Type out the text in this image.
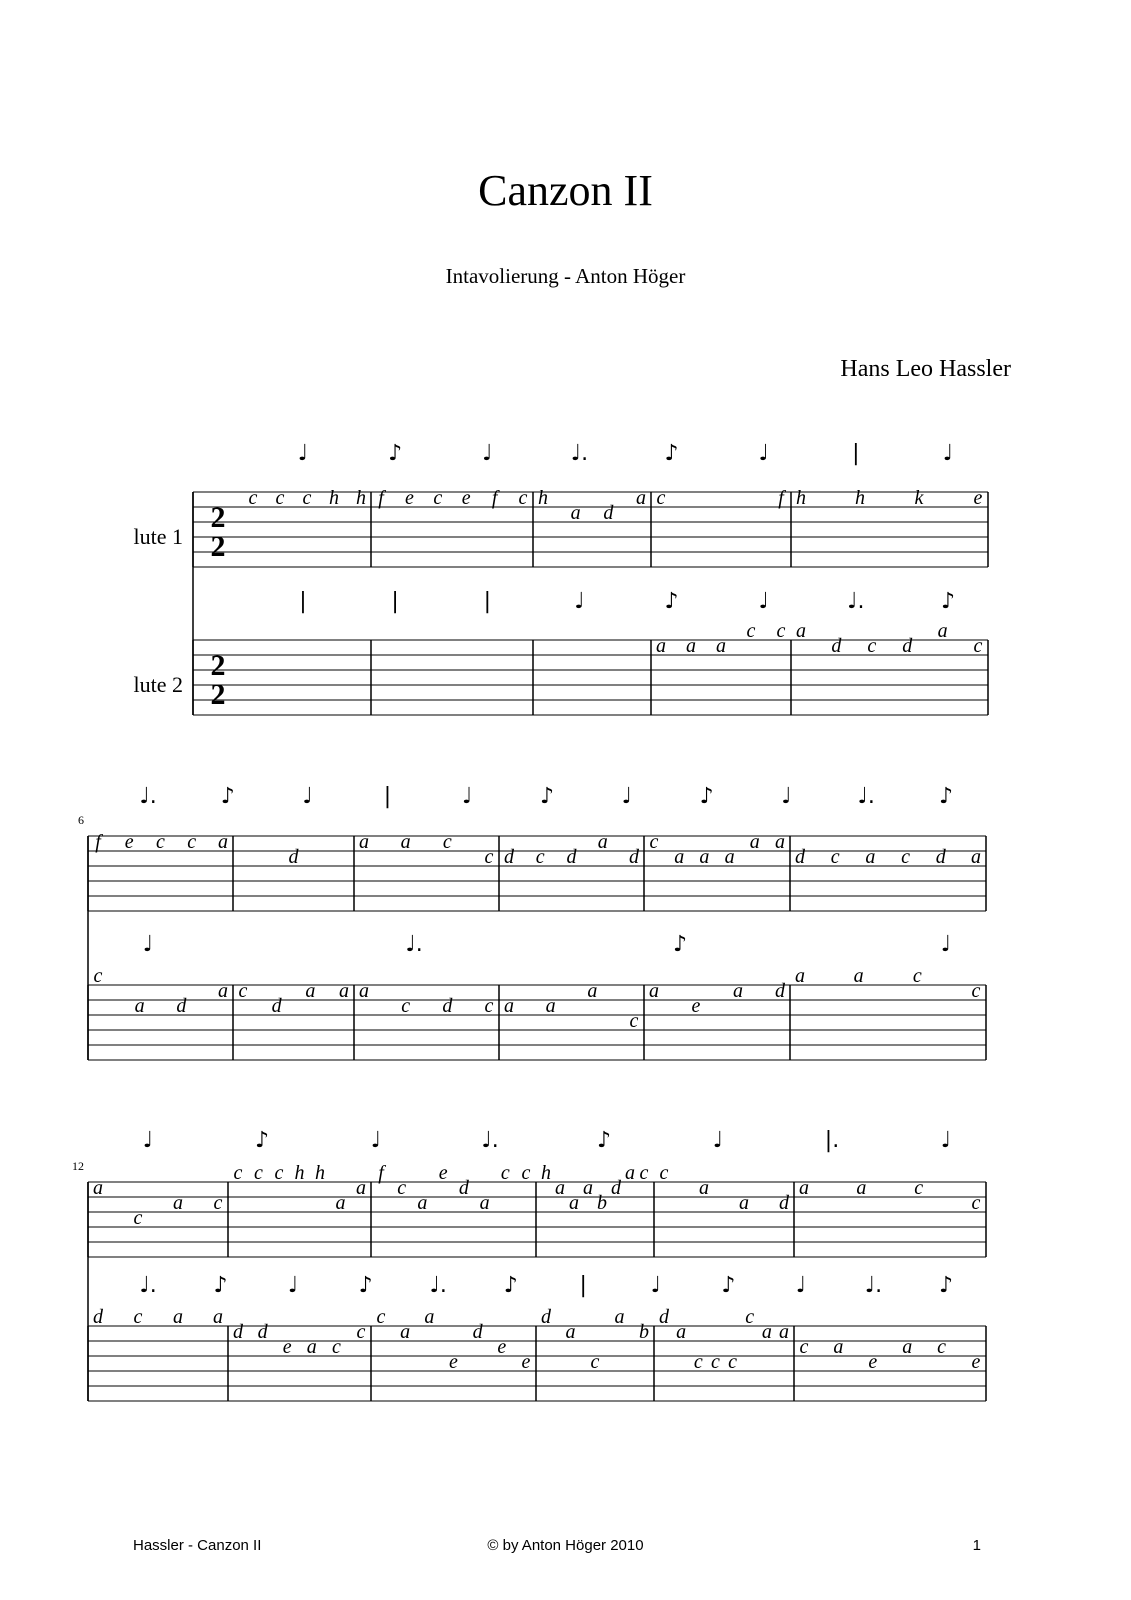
Canzon II
Intavolierung - Anton Höger
Hans Leo Hassler
lute 1
2
2
c c c h h f e c e f c h
a d
a c	f h h k	e
♩	♪	♩	♩.	♪	♩	|	♩
lute 2
2
2
a a a
c c a
d c d
a
c
|	|	|	♩	♪	♩	♩.	♪
6
f e c c a
d
a a c
c d c d
a
d
c
a a a
a a
d c a c d a
♩.	♪	♩	|	♩	♪	♩	♪	♩	♩.	♪
c
a d
a c
d
a a a
c d c a a
a
c
a
e
a d
a a c
c
♩	♩.	♪	♩
12
a
c
a c
c c c h h
a
a
f
c
a
e
d
a
c c h
a
a
a
b
d
a c c
a
a d
a a c
c
♩	♪	♩	♩.	♪	♩	|.	♩
d c a a
d d
e a c
c
c
a
a
e
d
e
e
d
a
c
a
b
d
a
c c c
c
a a
c a
e
a c
e
♩.	♪	♩	♪	♩.	♪	|	♩	♪	♩	♩.	♪
Hassler - Canzon II	© by Anton Höger 2010	1
